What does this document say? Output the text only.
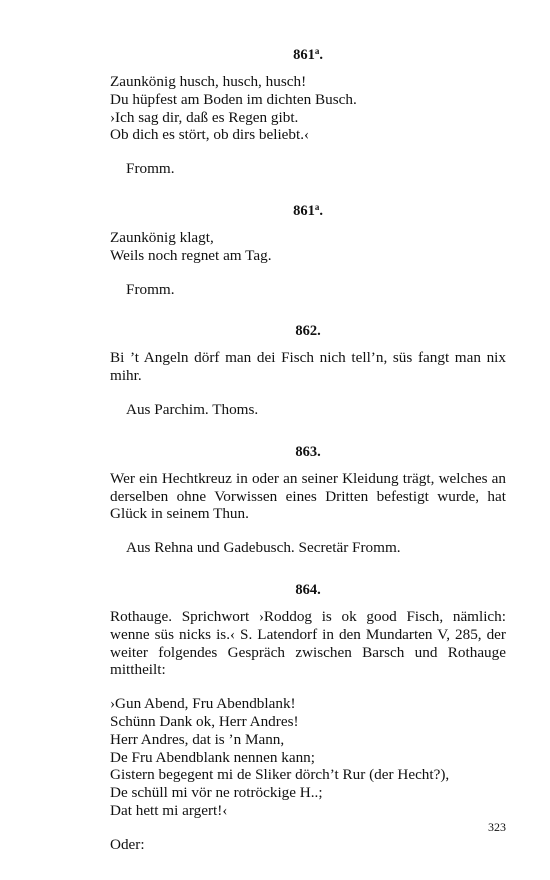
861$^a$.
Zaunkönig husch, husch, husch!
Du hüpfest am Boden im dichten Busch.
›Ich sag dir, daß es Regen gibt.
Ob dich es stört, ob dirs beliebt.‹
Fromm.
861$^a$.
Zaunkönig klagt,
Weils noch regnet am Tag.
Fromm.
862.
Bi ’t Angeln dörf man dei Fisch nich tell’n, süs fangt man nix mihr.
Aus Parchim. Thoms.
863.
Wer ein Hechtkreuz in oder an seiner Kleidung trägt, welches an derselben ohne Vorwissen eines Dritten befestigt wurde, hat Glück in seinem Thun.
Aus Rehna und Gadebusch. Secretär Fromm.
864.
Rothauge. Sprichwort ›Roddog is ok good Fisch, nämlich: wenne süs nicks is.‹ S. Latendorf in den Mundarten V, 285, der weiter folgendes Gespräch zwischen Barsch und Rothauge mittheilt:
›Gun Abend, Fru Abendblank!
Schünn Dank ok, Herr Andres!
Herr Andres, dat is ’n Mann,
De Fru Abendblank nennen kann;
Gistern begegent mi de Sliker dörch’t Rur (der Hecht?),
De schüll mi vör ne rotröckige H..;
Dat hett mi argert!‹
Oder:
323
